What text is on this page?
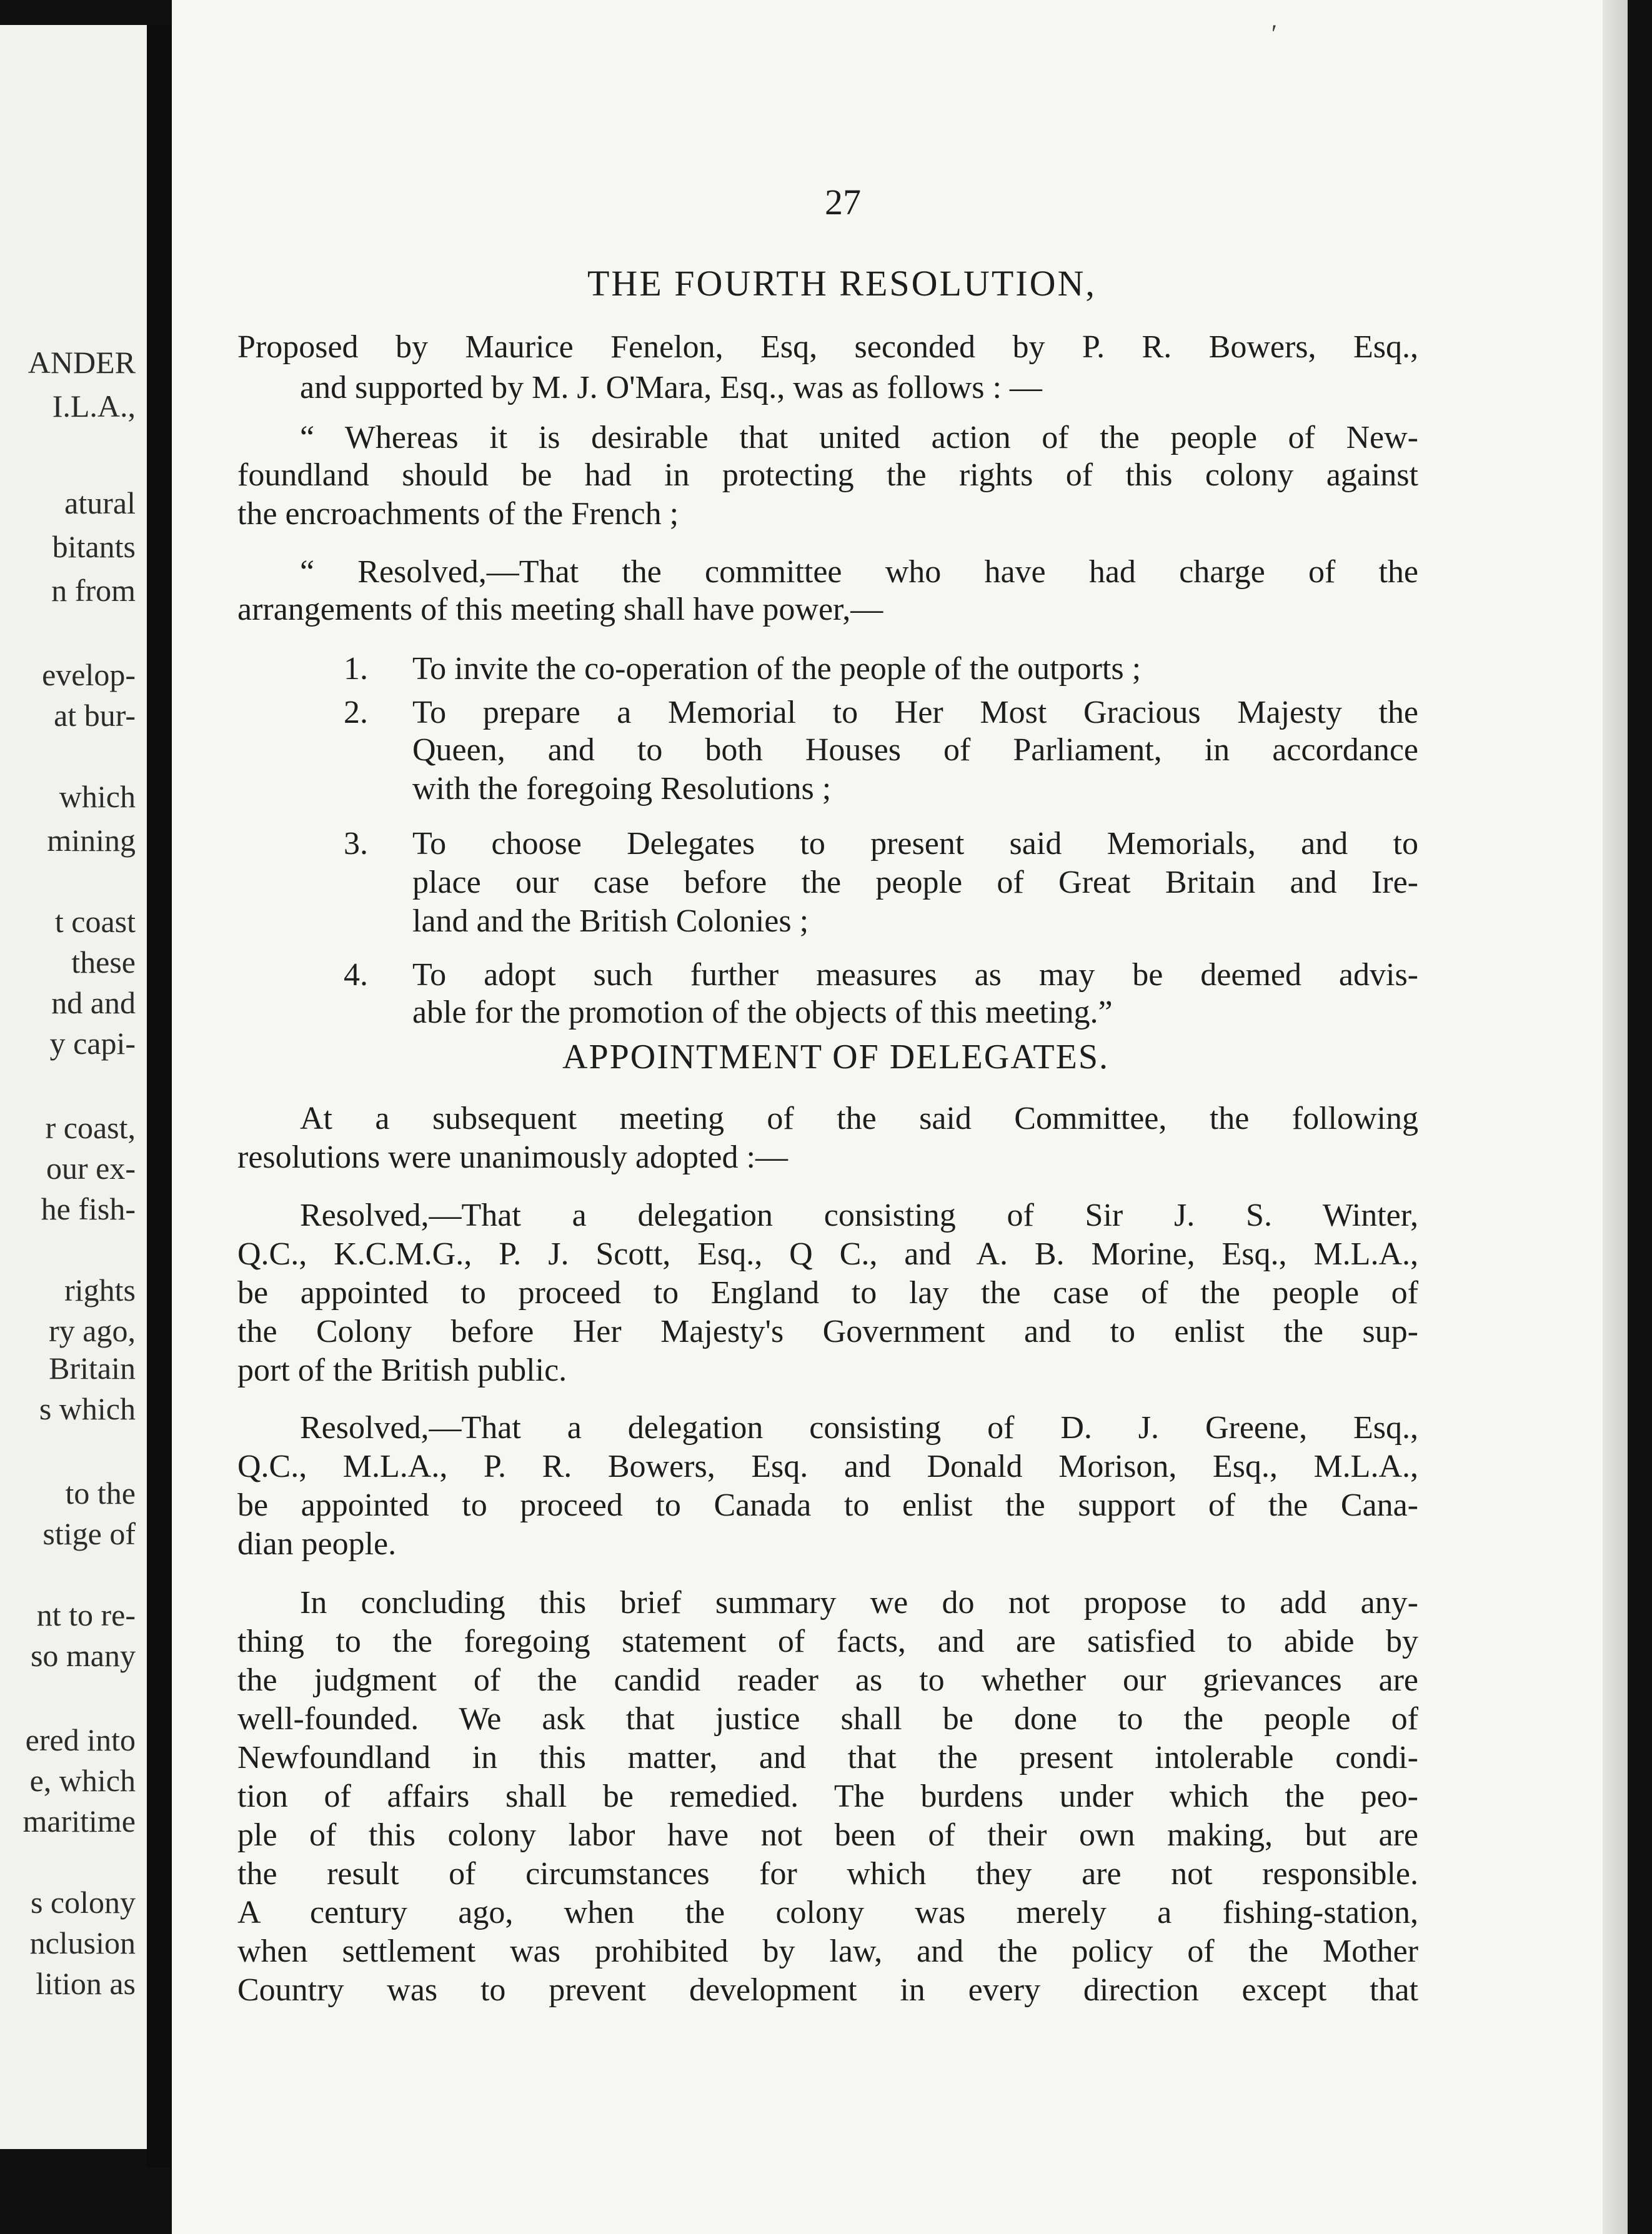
ANDER
I.L.A.,
atural
bitants
n from
evelop-
at bur-
which
mining
t coast
these
nd and
y capi-
r coast,
our ex-
he fish-
rights
ry ago,
Britain
s which
to the
stige of
nt to re-
so many
ered into
e, which
maritime
s colony
nclusion
lition as
ʹ
27
THE FOURTH RESOLUTION,
Proposed by Maurice Fenelon, Esq, seconded by P. R. Bowers, Esq.,
and supported by M. J. O'Mara, Esq., was as follows : —
“ Whereas it is desirable that united action of the people of New-
foundland should be had in protecting the rights of this colony against
the encroachments of the French ;
“ Resolved,—That the committee who have had charge of the
arrangements of this meeting shall have power,—
1. To invite the co-operation of the people of the outports ;
2. To prepare a Memorial to Her Most Gracious Majesty the
Queen, and to both Houses of Parliament, in accordance
with the foregoing Resolutions ;
3. To choose Delegates to present said Memorials, and to
place our case before the people of Great Britain and Ire-
land and the British Colonies ;
4. To adopt such further measures as may be deemed advis-
able for the promotion of the objects of this meeting.”
APPOINTMENT OF DELEGATES.
At a subsequent meeting of the said Committee, the following
resolutions were unanimously adopted :—
Resolved,—That a delegation consisting of Sir J. S. Winter,
Q.C., K.C.M.G., P. J. Scott, Esq., Q C., and A. B. Morine, Esq., M.L.A.,
be appointed to proceed to England to lay the case of the people of
the Colony before Her Majesty's Government and to enlist the sup-
port of the British public.
Resolved,—That a delegation consisting of D. J. Greene, Esq.,
Q.C., M.L.A., P. R. Bowers, Esq. and Donald Morison, Esq., M.L.A.,
be appointed to proceed to Canada to enlist the support of the Cana-
dian people.
In concluding this brief summary we do not propose to add any-
thing to the foregoing statement of facts, and are satisfied to abide by
the judgment of the candid reader as to whether our grievances are
well-founded. We ask that justice shall be done to the people of
Newfoundland in this matter, and that the present intolerable condi-
tion of affairs shall be remedied. The burdens under which the peo-
ple of this colony labor have not been of their own making, but are
the result of circumstances for which they are not responsible.
A century ago, when the colony was merely a fishing-station,
when settlement was prohibited by law, and the policy of the Mother
Country was to prevent development in every direction except that
